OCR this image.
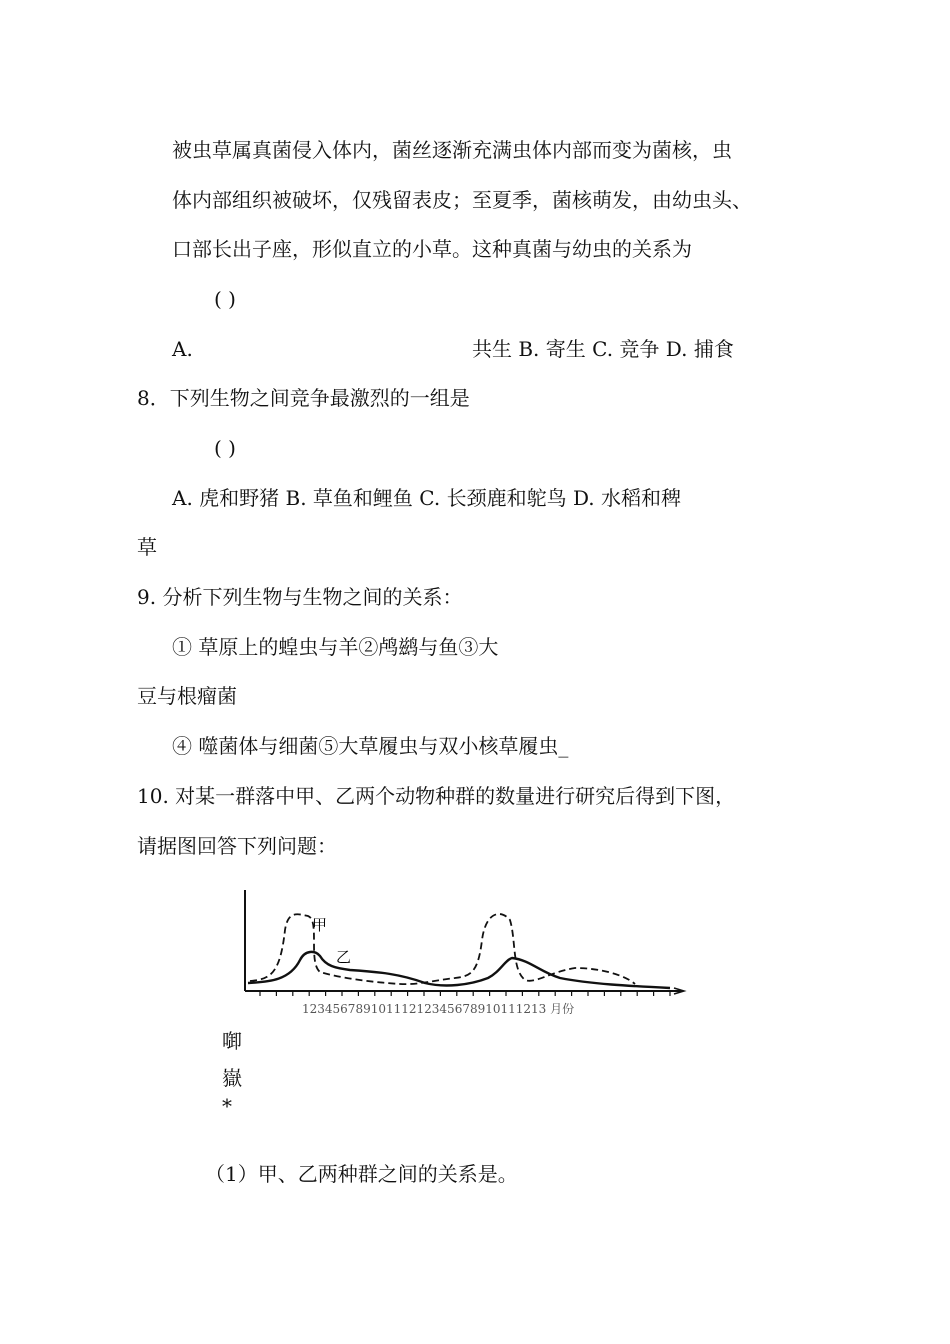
被虫草属真菌侵入体内，菌丝逐渐充满虫体内部而变为菌核，虫
体内部组织被破坏，仅残留表皮；至夏季，菌核萌发，由幼虫头、
口部长出子座，形似直立的小草。这种真菌与幼虫的关系为
( )
A.	共生 B. 寄生 C. 竞争 D. 捕食
8．下列生物之间竞争最激烈的一组是
( )
A. 虎和野猪 B. 草鱼和鲤鱼 C. 长颈鹿和鸵鸟 D. 水稻和稗
草
9. 分析下列生物与生物之间的关系：
① 草原上的蝗虫与羊②鸬鹚与鱼③大
豆与根瘤菌
④ 噬菌体与细菌⑤大草履虫与双小核草履虫_
10. 对某一群落中甲、乙两个动物种群的数量进行研究后得到下图，
请据图回答下列问题：
甲
乙
12345678910111212345678910111213 月份
啣
嶽
*
（1）甲、乙两种群之间的关系是。
